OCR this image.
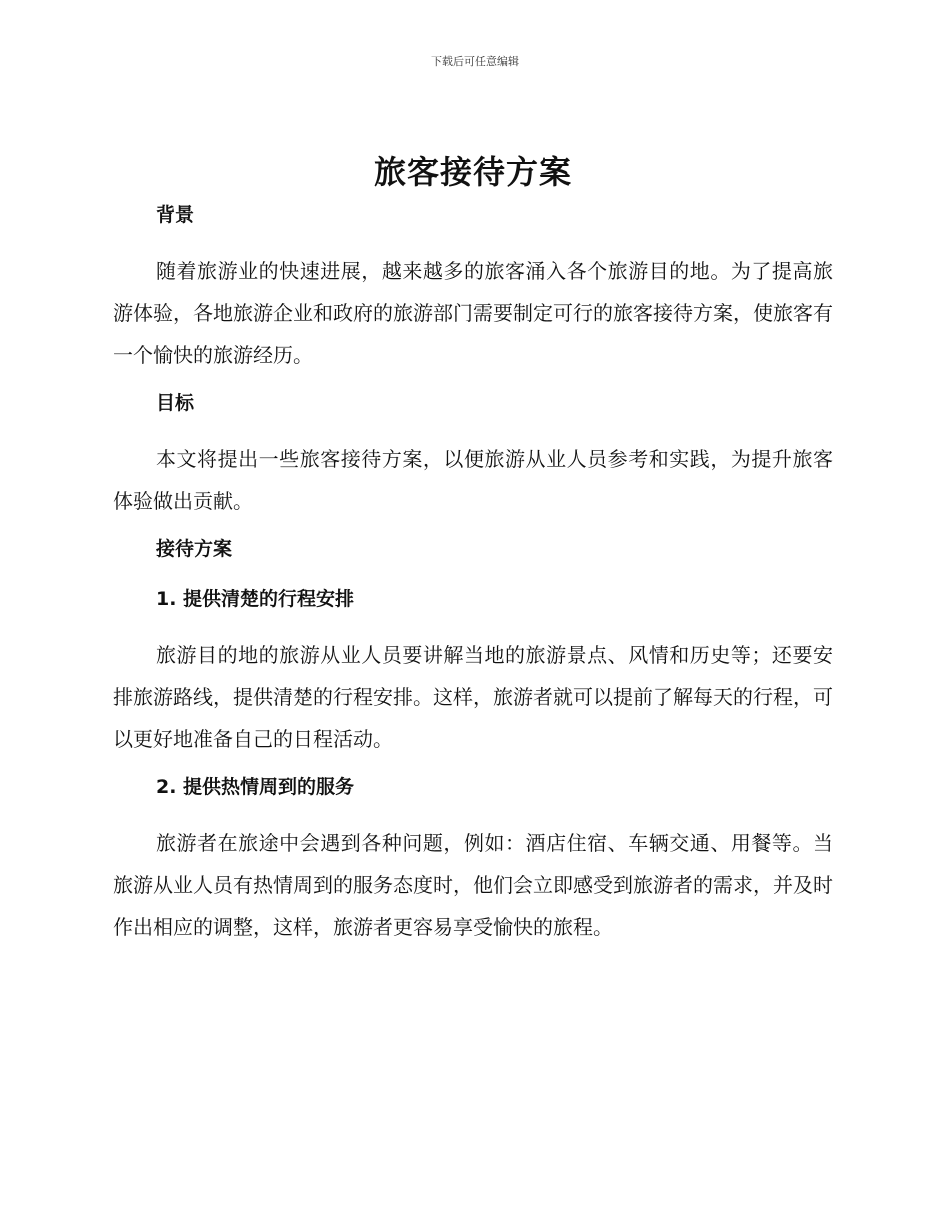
下载后可任意编辑
旅客接待方案
背景

随着旅游业的快速进展，越来越多的旅客涌入各个旅游目的地。为了提高旅游体验，各地旅游企业和政府的旅游部门需要制定可行的旅客接待方案，使旅客有一个愉快的旅游经历。

目标

本文将提出一些旅客接待方案，以便旅游从业人员参考和实践，为提升旅客体验做出贡献。

接待方案
1. 提供清楚的行程安排

旅游目的地的旅游从业人员要讲解当地的旅游景点、风情和历史等；还要安排旅游路线，提供清楚的行程安排。这样，旅游者就可以提前了解每天的行程，可以更好地准备自己的日程活动。

2. 提供热情周到的服务

旅游者在旅途中会遇到各种问题，例如：酒店住宿、车辆交通、用餐等。当旅游从业人员有热情周到的服务态度时，他们会立即感受到旅游者的需求，并及时作出相应的调整，这样，旅游者更容易享受愉快的旅程。
